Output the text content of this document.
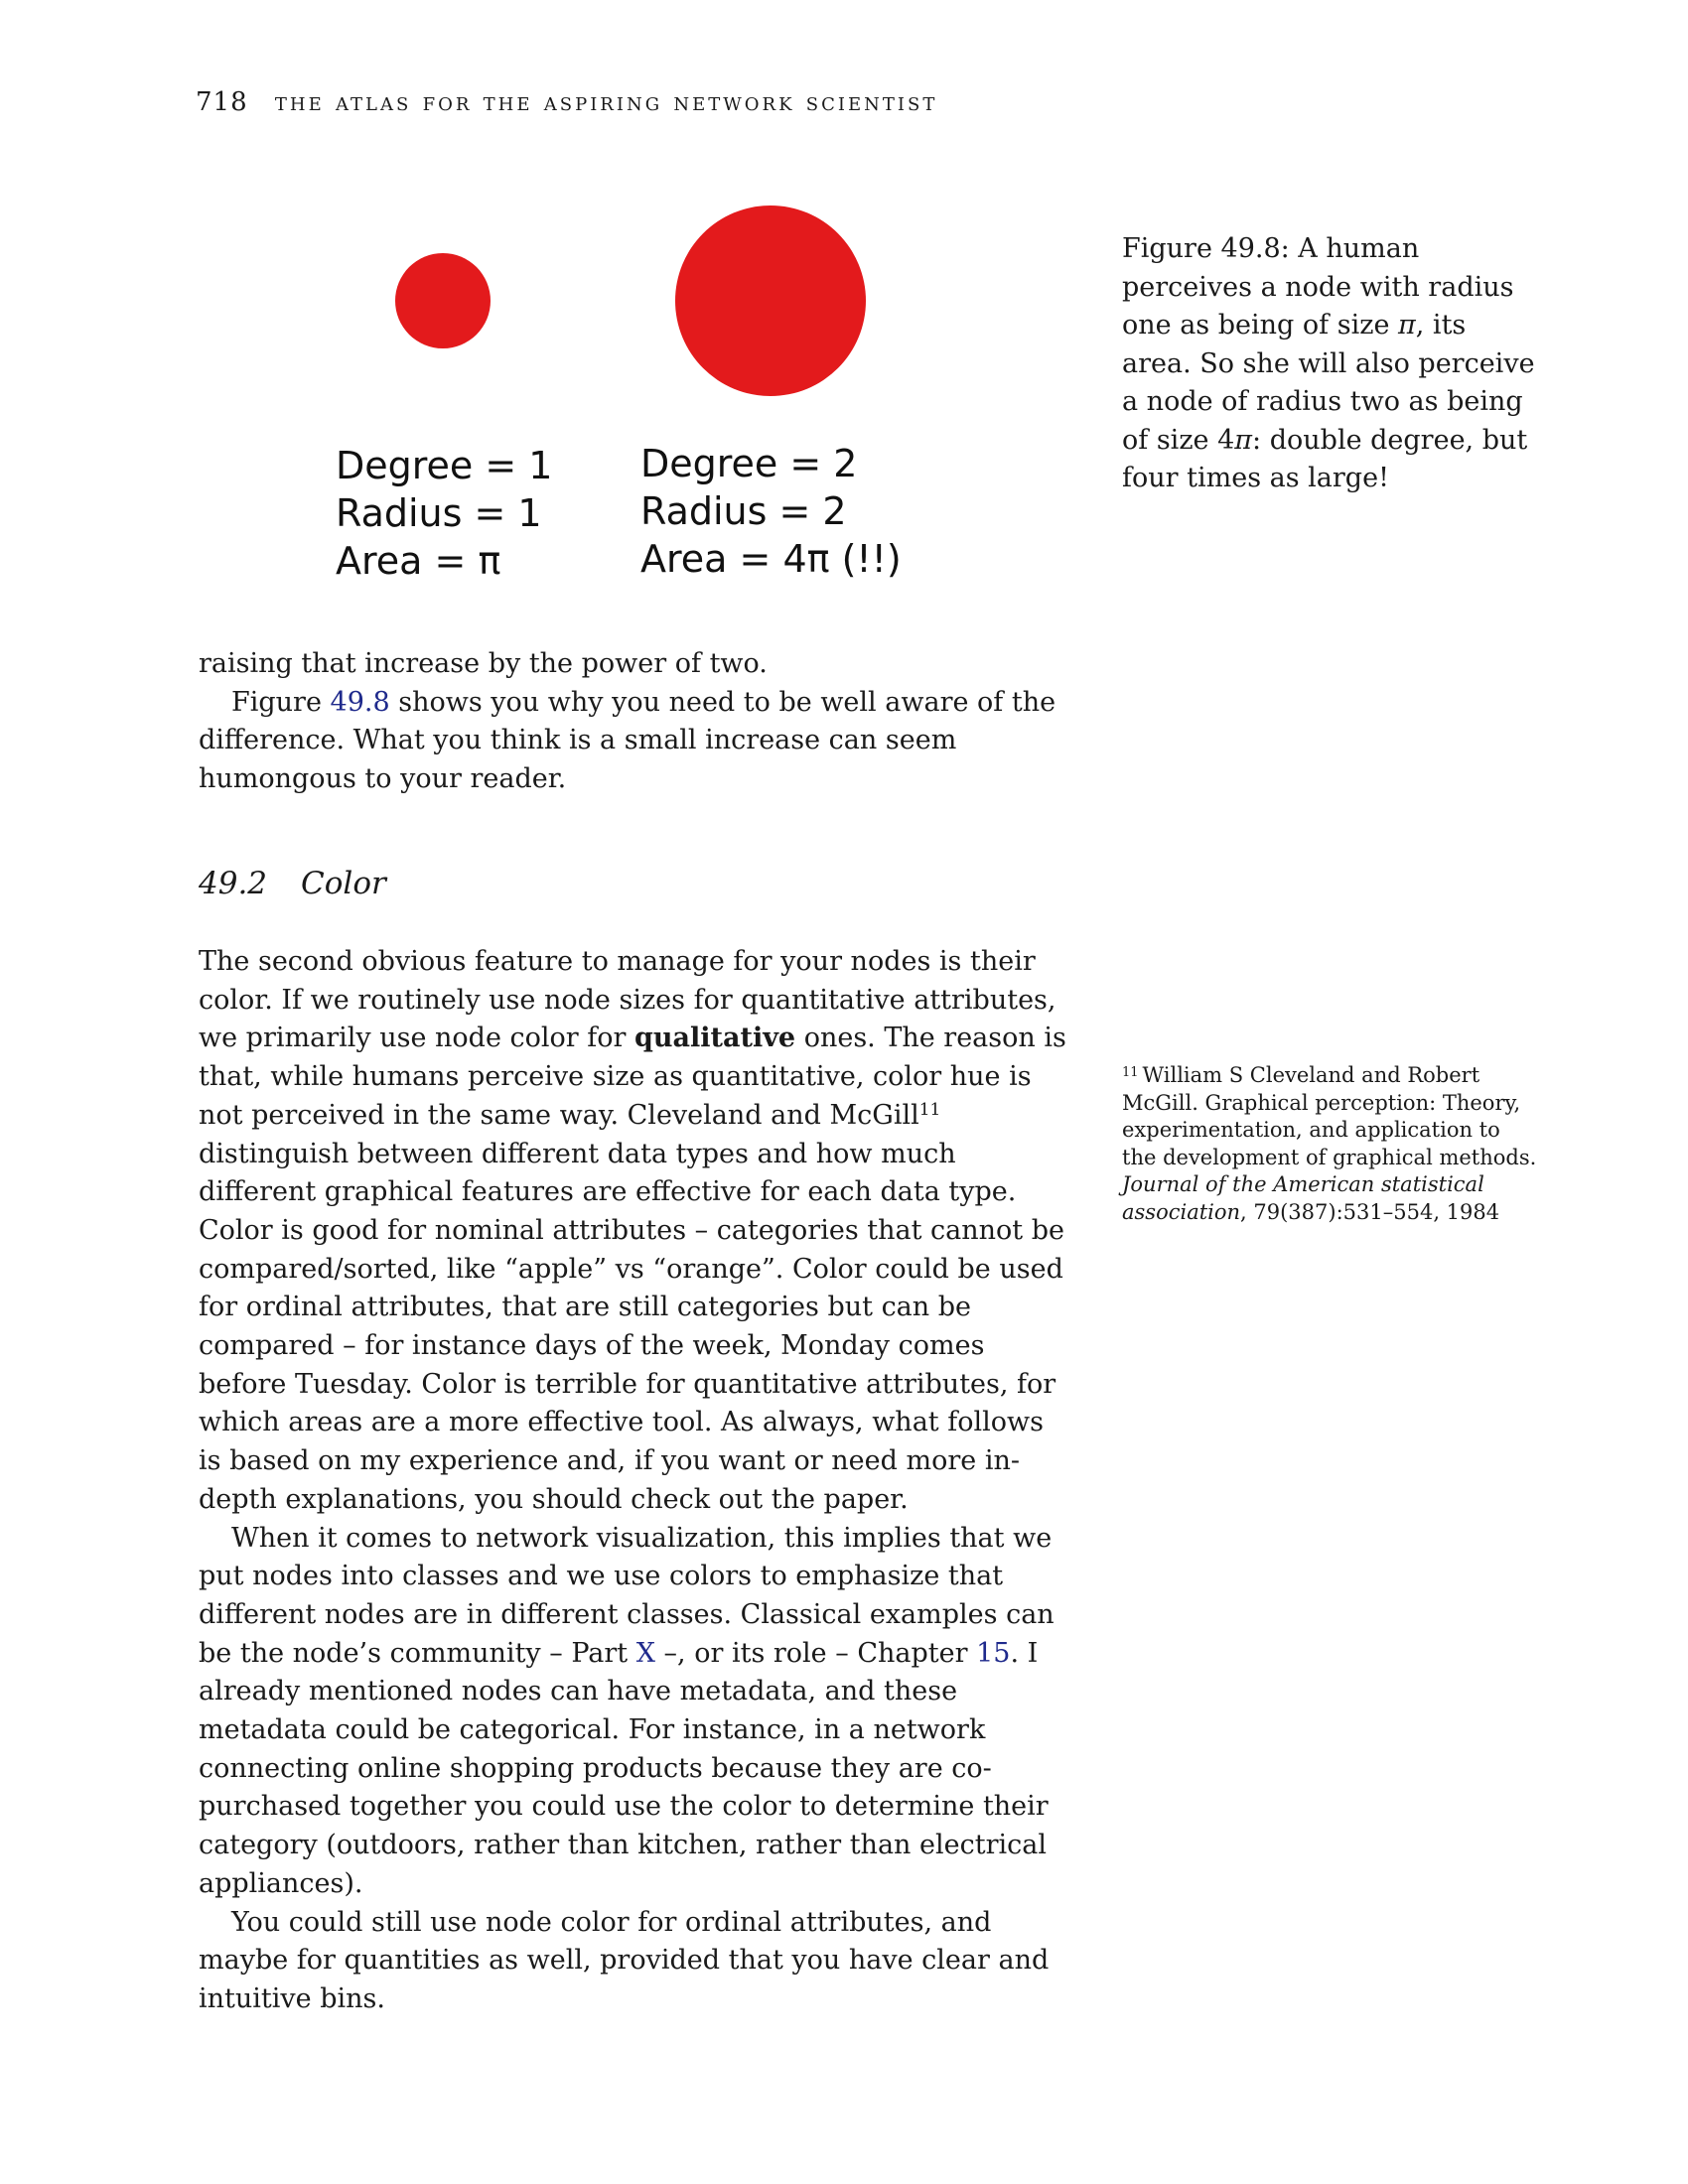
718 the atlas for the aspiring network scientist
Degree = 1
Radius = 1
Area = π
Degree = 2
Radius = 2
Area = 4π (!!)
Figure 49.8: A human perceives a node with radius one as being of size π, its area. So she will also perceive a node of radius two as being of size 4π: double degree, but four times as large!

raising that increase by the power of two.

Figure 49.8 shows you why you need to be well aware of the difference. What you think is a small increase can seem humongous to your reader.

49.2 Color

The second obvious feature to manage for your nodes is their color. If we routinely use node sizes for quantitative attributes, we primarily use node color for qualitative ones. The reason is that, while humans perceive size as quantitative, color hue is not perceived in the same way. Cleveland and McGill$^{11}$ distinguish between different data types and how much different graphical features are effective for each data type. Color is good for nominal attributes – categories that cannot be compared/sorted, like “apple” vs “orange”. Color could be used for ordinal attributes, that are still categories but can be compared – for instance days of the week, Monday comes before Tuesday. Color is terrible for quantitative attributes, for which areas are a more effective tool. As always, what follows is based on my experience and, if you want or need more in-depth explanations, you should check out the paper.

When it comes to network visualization, this implies that we put nodes into classes and we use colors to emphasize that different nodes are in different classes. Classical examples can be the node’s community – Part X –, or its role – Chapter 15. I already mentioned nodes can have metadata, and these metadata could be categorical. For instance, in a network connecting online shopping products because they are co-purchased together you could use the color to determine their category (outdoors, rather than kitchen, rather than electrical appliances).

You could still use node color for ordinal attributes, and maybe for quantities as well, provided that you have clear and intuitive bins.

$^{11}$ William S Cleveland and Robert McGill. Graphical perception: Theory, experimentation, and application to the development of graphical methods. Journal of the American statistical association, 79(387):531–554, 1984
